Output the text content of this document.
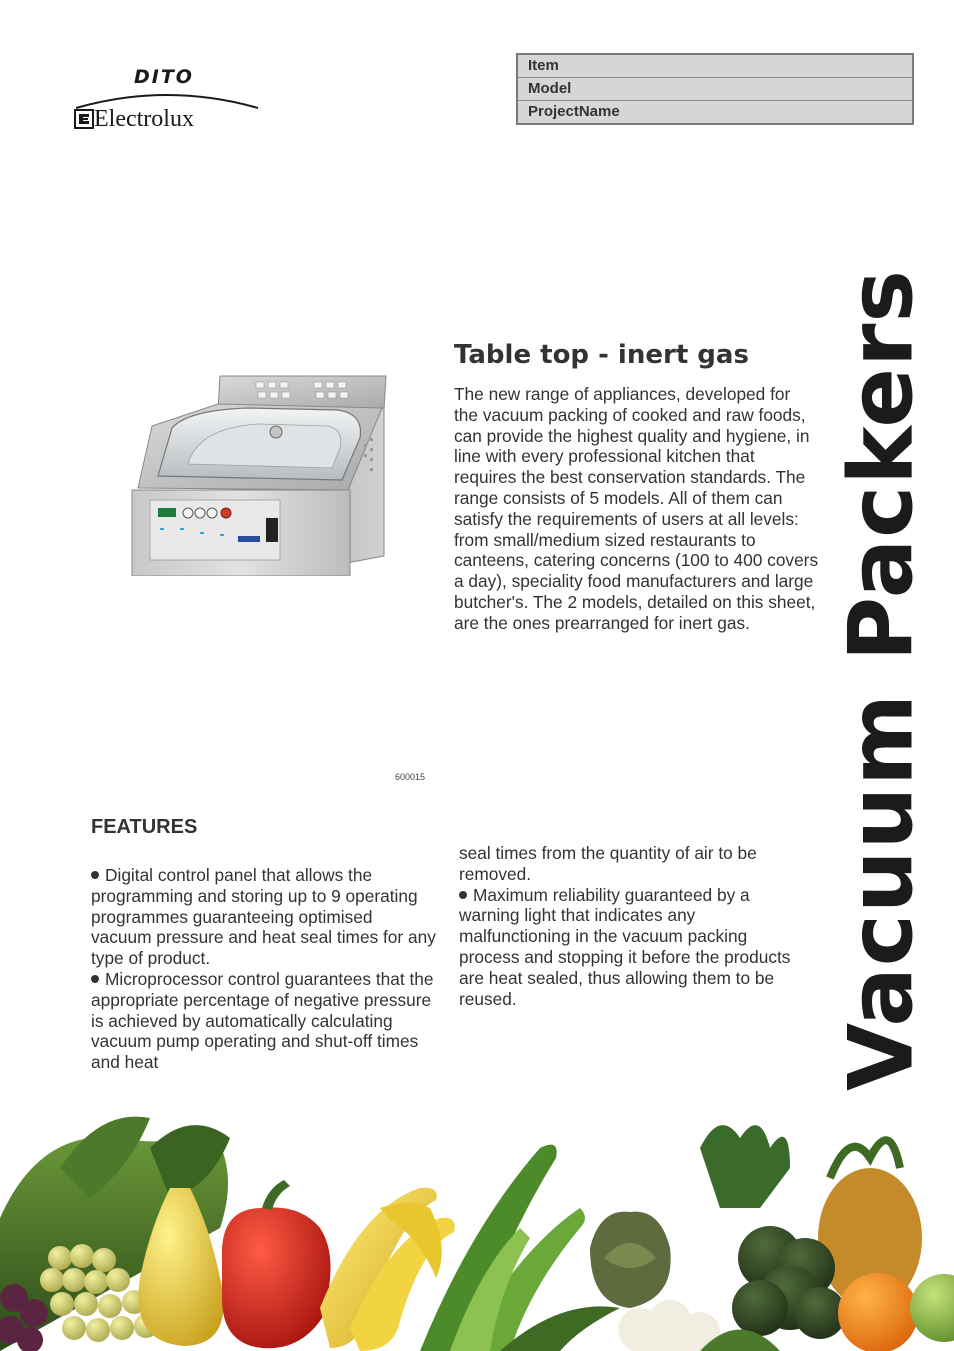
DITO
Electrolux
Item
Model
ProjectName
600015
Table top - inert gas
The new range of appliances, developed for the vacuum packing of cooked and raw foods, can provide the highest quality and hygiene, in line with every professional kitchen that requires the best conservation standards. The range consists of 5 models. All of them can satisfy the requirements of users at all levels: from small/medium sized restaurants to canteens, catering concerns (100 to 400 covers a day), speciality food manufacturers and large butcher's. The 2 models, detailed on this sheet, are the ones prearranged for inert gas. Vacuum Packers
FEATURES
Digital control panel that allows the programming and storing up to 9 operating programmes guaranteeing optimised vacuum pressure and heat seal times for any type of product.
Microprocessor control guarantees that the appropriate percentage of negative pressure is achieved by automatically calculating vacuum pump operating and shut-off times and heat
seal times from the quantity of air to be removed.
Maximum reliability guaranteed by a warning light that indicates any malfunctioning in the vacuum packing process and stopping it before the products are heat sealed, thus allowing them to be reused.
